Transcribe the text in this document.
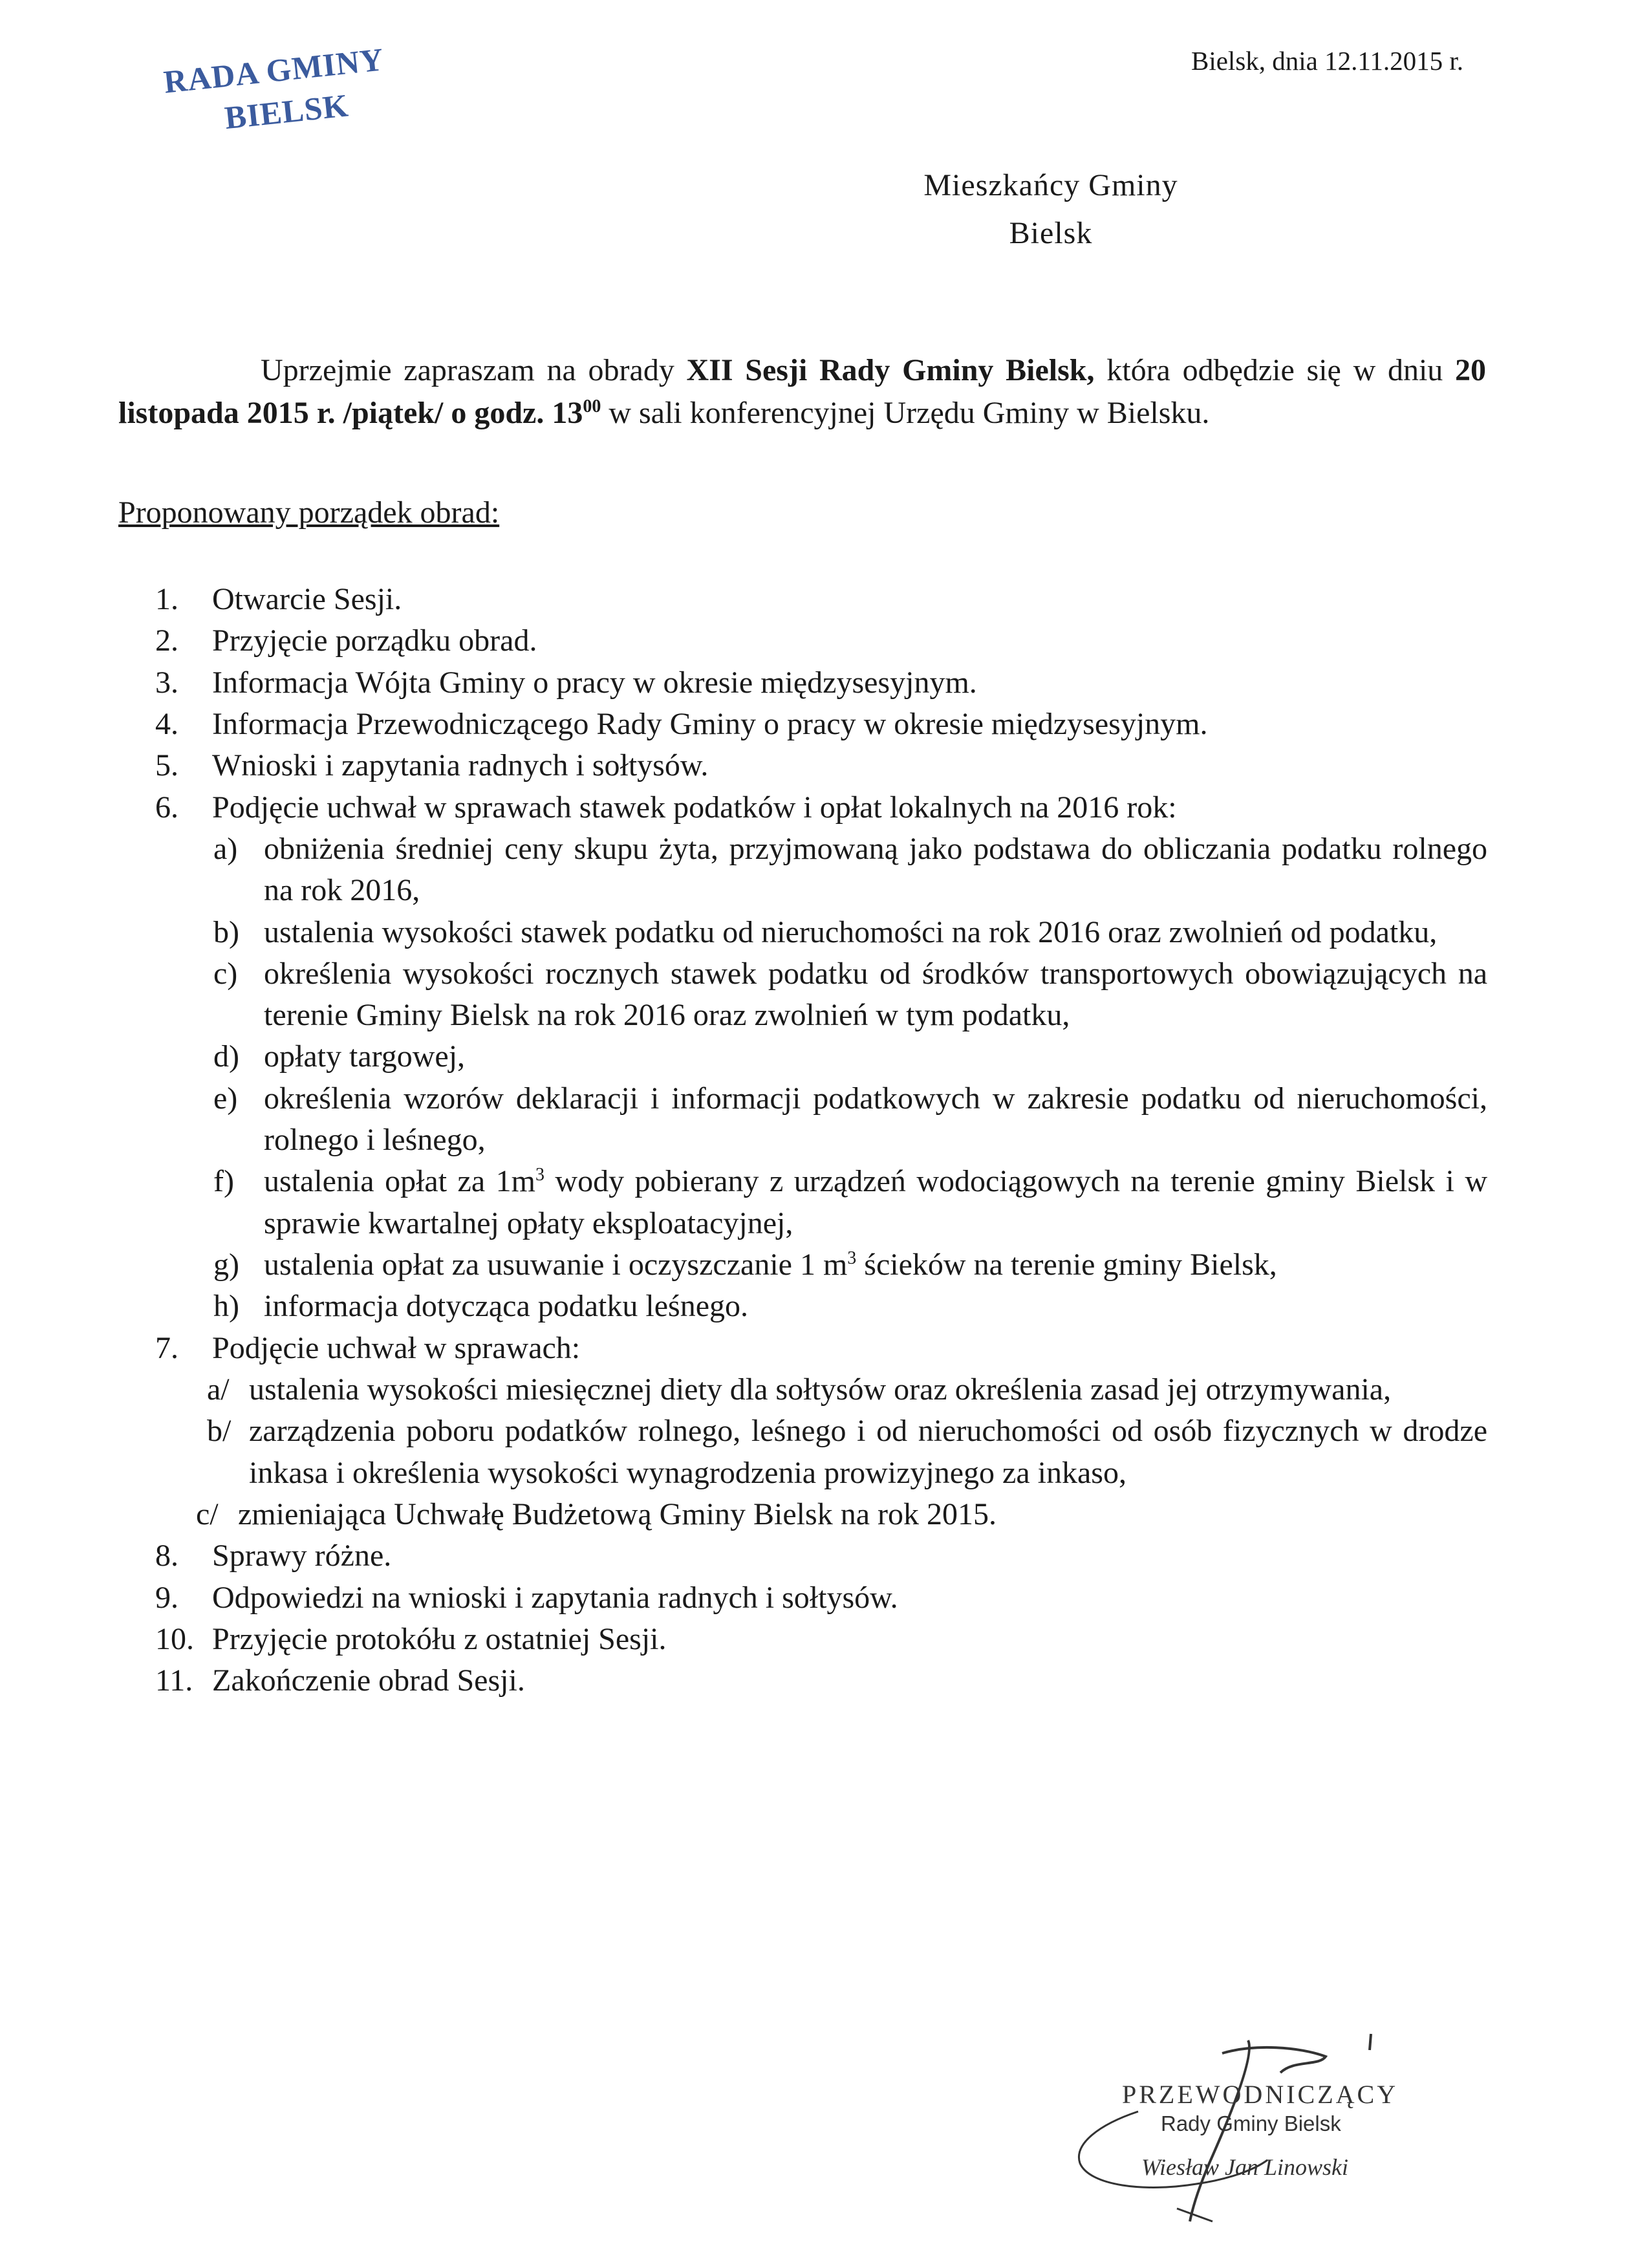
RADA GMINY
BIELSK
Bielsk, dnia 12.11.2015 r.
Mieszkańcy Gminy
Bielsk

Uprzejmie zapraszam na obrady XII Sesji Rady Gminy Bielsk, która odbędzie się w dniu 20 listopada 2015 r. /piątek/ o godz. $13^{00}$ w sali konferencyjnej Urzędu Gminy w Bielsku.

Proponowany porządek obrad:
1.	Otwarcie Sesji.
2.	Przyjęcie porządku obrad.
3.	Informacja Wójta Gminy o pracy w okresie międzysesyjnym.
4.	Informacja Przewodniczącego Rady Gminy o pracy w okresie międzysesyjnym.
5.	Wnioski i zapytania radnych i sołtysów.
6.	Podjęcie uchwał w sprawach stawek podatków i opłat lokalnych na 2016 rok:
a) obniżenia średniej ceny skupu żyta, przyjmowaną jako podstawa do obliczania podatku rolnego na rok 2016,
b) ustalenia wysokości stawek podatku od nieruchomości na rok 2016 oraz zwolnień od podatku,
c) określenia wysokości rocznych stawek podatku od środków transportowych obowiązujących na terenie Gminy Bielsk na rok 2016 oraz zwolnień w tym podatku,
d) opłaty targowej,
e) określenia wzorów deklaracji i informacji podatkowych w zakresie podatku od nieruchomości, rolnego i leśnego,
f) ustalenia opłat za $1m^3$ wody pobierany z urządzeń wodociągowych na terenie gminy Bielsk i w sprawie kwartalnej opłaty eksploatacyjnej,
g) ustalenia opłat za usuwanie i oczyszczanie 1 $m^3$ ścieków na terenie gminy Bielsk,
h) informacja dotycząca podatku leśnego.
7.	Podjęcie uchwał w sprawach:
a/ ustalenia wysokości miesięcznej diety dla sołtysów oraz określenia zasad jej otrzymywania,
b/ zarządzenia poboru podatków rolnego, leśnego i od nieruchomości od osób fizycznych w drodze inkasa i określenia wysokości wynagrodzenia prowizyjnego za inkaso,
c/ zmieniająca Uchwałę Budżetową Gminy Bielsk na rok 2015.
8.	Sprawy różne.
9.	Odpowiedzi na wnioski i zapytania radnych i sołtysów.
10. Przyjęcie protokółu z ostatniej Sesji.
11. Zakończenie obrad Sesji.
PRZEWODNICZĄCY
Rady Gminy Bielsk
Wiesław Jan Linowski
